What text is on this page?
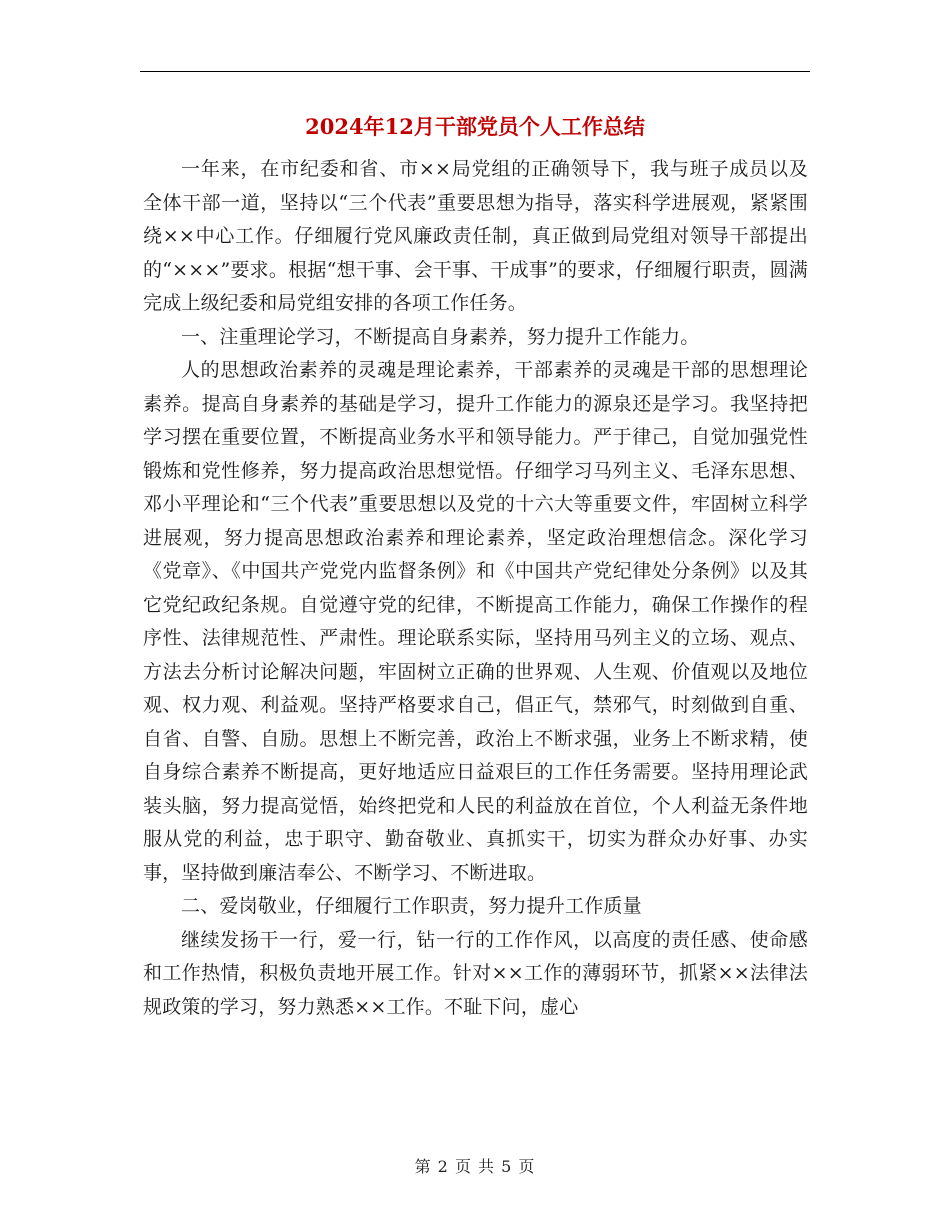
2024年12月干部党员个人工作总结

一年来，在市纪委和省、市××局党组的正确领导下，我与班子成员以及全体干部一道，坚持以“三个代表”重要思想为指导，落实科学进展观，紧紧围绕××中心工作。仔细履行党风廉政责任制，真正做到局党组对领导干部提出的“×××”要求。根据“想干事、会干事、干成事”的要求，仔细履行职责，圆满完成上级纪委和局党组安排的各项工作任务。

一、注重理论学习，不断提高自身素养，努力提升工作能力。

人的思想政治素养的灵魂是理论素养，干部素养的灵魂是干部的思想理论素养。提高自身素养的基础是学习，提升工作能力的源泉还是学习。我坚持把学习摆在重要位置，不断提高业务水平和领导能力。严于律己，自觉加强党性锻炼和党性修养，努力提高政治思想觉悟。仔细学习马列主义、毛泽东思想、邓小平理论和“三个代表”重要思想以及党的十六大等重要文件，牢固树立科学进展观，努力提高思想政治素养和理论素养，坚定政治理想信念。深化学习《党章》、《中国共产党党内监督条例》和《中国共产党纪律处分条例》以及其它党纪政纪条规。自觉遵守党的纪律，不断提高工作能力，确保工作操作的程序性、法律规范性、严肃性。理论联系实际，坚持用马列主义的立场、观点、方法去分析讨论解决问题，牢固树立正确的世界观、人生观、价值观以及地位观、权力观、利益观。坚持严格要求自己，倡正气，禁邪气，时刻做到自重、自省、自警、自励。思想上不断完善，政治上不断求强，业务上不断求精，使自身综合素养不断提高，更好地适应日益艰巨的工作任务需要。坚持用理论武装头脑，努力提高觉悟，始终把党和人民的利益放在首位，个人利益无条件地服从党的利益，忠于职守、勤奋敬业、真抓实干，切实为群众办好事、办实事，坚持做到廉洁奉公、不断学习、不断进取。

二、爱岗敬业，仔细履行工作职责，努力提升工作质量

继续发扬干一行，爱一行，钻一行的工作作风，以高度的责任感、使命感和工作热情，积极负责地开展工作。针对××工作的薄弱环节，抓紧××法律法规政策的学习，努力熟悉××工作。不耻下问，虚心

第 2 页 共 5 页
